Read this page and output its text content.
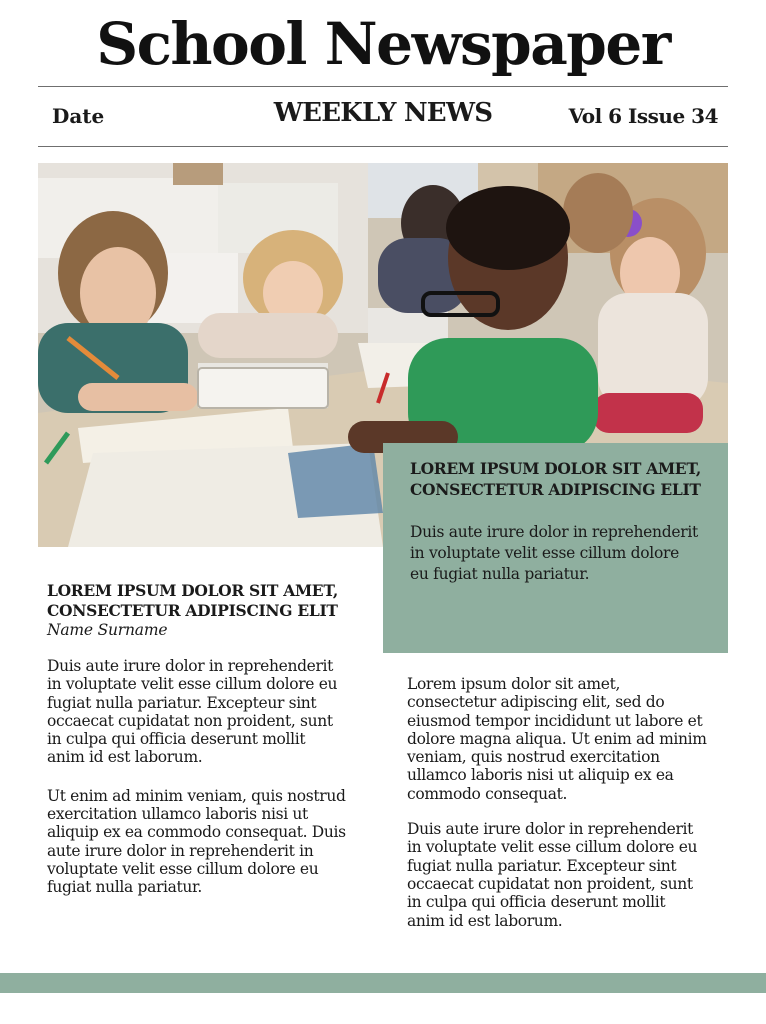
School Newspaper
Date	WEEKLY NEWS	Vol 6 Issue 34
LOREM IPSUM DOLOR SIT AMET, CONSECTETUR ADIPISCING ELIT
Duis aute irure dolor in reprehenderit in voluptate velit esse cillum dolore eu fugiat nulla pariatur.
LOREM IPSUM DOLOR SIT AMET, CONSECTETUR ADIPISCING ELIT
Name Surname

Duis aute irure dolor in reprehenderit in voluptate velit esse cillum dolore eu fugiat nulla pariatur. Excepteur sint occaecat cupidatat non proident, sunt in culpa qui officia deserunt mollit anim id est laborum.

Ut enim ad minim veniam, quis nostrud exercitation ullamco laboris nisi ut aliquip ex ea commodo consequat. Duis aute irure dolor in reprehenderit in voluptate velit esse cillum dolore eu fugiat nulla pariatur.

Lorem ipsum dolor sit amet, consectetur adipiscing elit, sed do eiusmod tempor incididunt ut labore et dolore magna aliqua. Ut enim ad minim veniam, quis nostrud exercitation ullamco laboris nisi ut aliquip ex ea commodo consequat.

Duis aute irure dolor in reprehenderit in voluptate velit esse cillum dolore eu fugiat nulla pariatur. Excepteur sint occaecat cupidatat non proident, sunt in culpa qui officia deserunt mollit anim id est laborum.
